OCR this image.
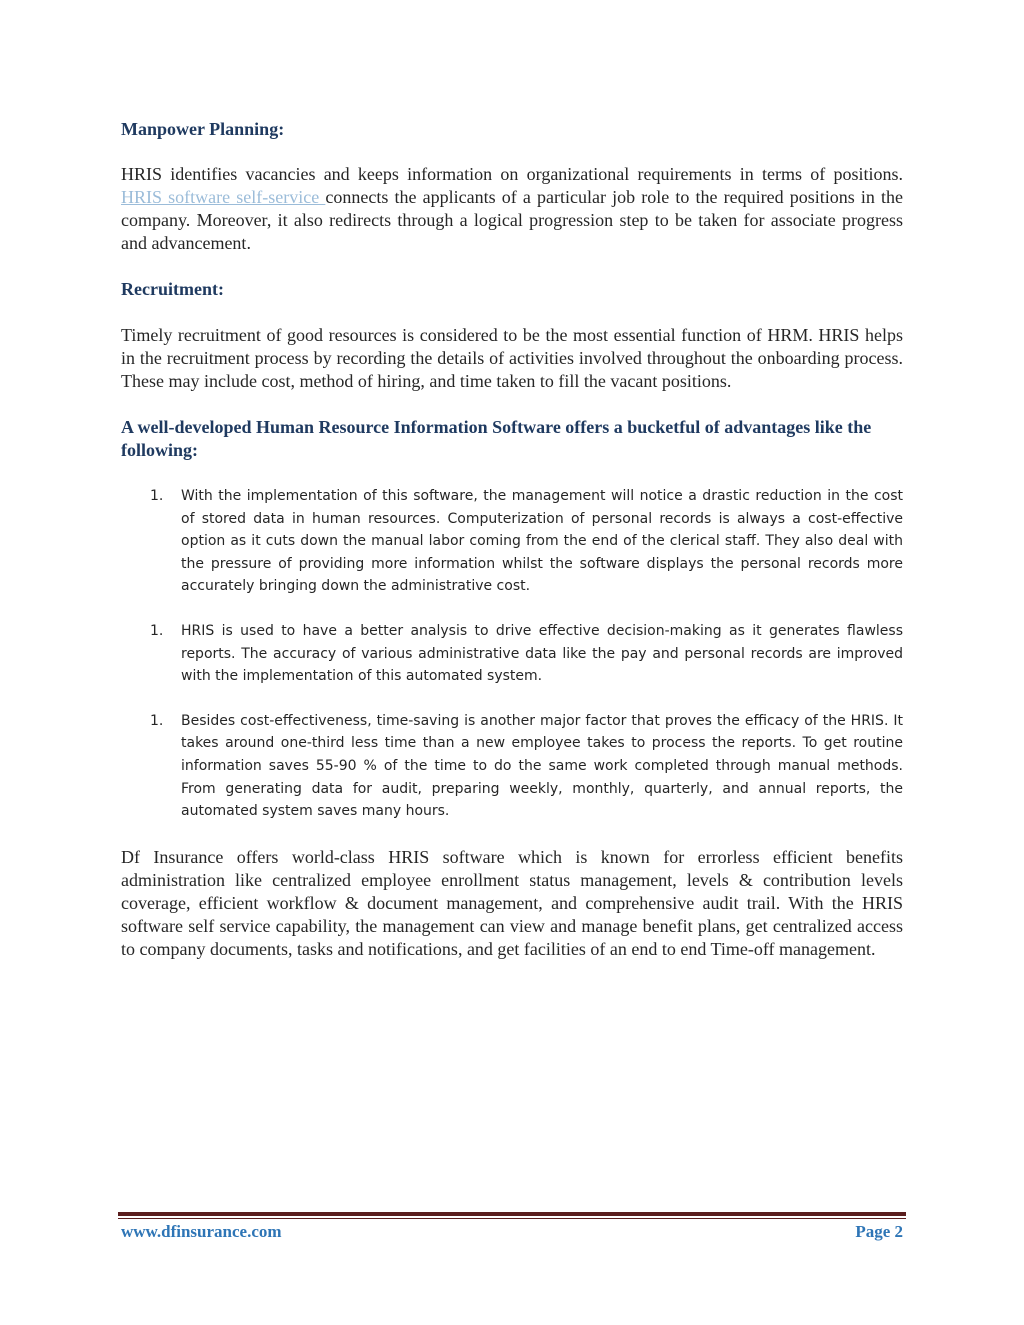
Manpower Planning:

HRIS identifies vacancies and keeps information on organizational requirements in terms of positions. HRIS software self-service connects the applicants of a particular job role to the required positions in the company. Moreover, it also redirects through a logical progression step to be taken for associate progress and advancement.

Recruitment:

Timely recruitment of good resources is considered to be the most essential function of HRM. HRIS helps in the recruitment process by recording the details of activities involved throughout the onboarding process. These may include cost, method of hiring, and time taken to fill the vacant positions.

A well-developed Human Resource Information Software offers a bucketful of advantages like the following:

1. With the implementation of this software, the management will notice a drastic reduction in the cost of stored data in human resources. Computerization of personal records is always a cost-effective option as it cuts down the manual labor coming from the end of the clerical staff. They also deal with the pressure of providing more information whilst the software displays the personal records more accurately bringing down the administrative cost.
1. HRIS is used to have a better analysis to drive effective decision-making as it generates flawless reports. The accuracy of various administrative data like the pay and personal records are improved with the implementation of this automated system.
1. Besides cost-effectiveness, time-saving is another major factor that proves the efficacy of the HRIS. It takes around one-third less time than a new employee takes to process the reports. To get routine information saves 55-90 % of the time to do the same work completed through manual methods. From generating data for audit, preparing weekly, monthly, quarterly, and annual reports, the automated system saves many hours.

Df Insurance offers world-class HRIS software which is known for errorless efficient benefits administration like centralized employee enrollment status management, levels & contribution levels coverage, efficient workflow & document management, and comprehensive audit trail. With the HRIS software self service capability, the management can view and manage benefit plans, get centralized access to company documents, tasks and notifications, and get facilities of an end to end Time-off management.

www.dfinsurance.com	Page 2
